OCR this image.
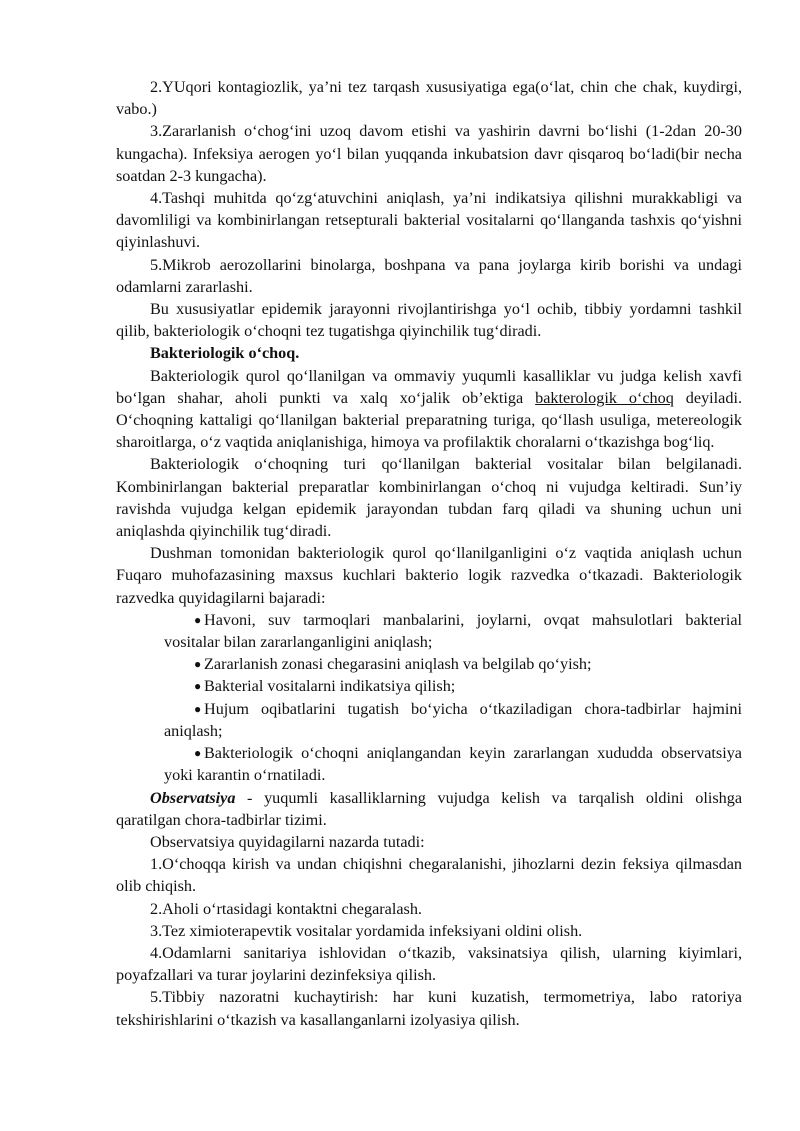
2.YUqori kontagiozlik, ya’ni tez tarqash xususiyatiga ega(o‘lat, chin che chak, kuydirgi, vabo.)

3.Zararlanish o‘chog‘ini uzoq davom etishi va yashirin davrni bo‘lishi (1-2dan 20-30 kungacha). Infeksiya aerogen yo‘l bilan yuqqanda inkubatsion davr qisqaroq bo‘ladi(bir necha soatdan 2-3 kungacha).

4.Tashqi muhitda qo‘zg‘atuvchini aniqlash, ya’ni indikatsiya qilishni murakkabligi va davomliligi va kombinirlangan retsepturali bakterial vositalarni qo‘llanganda tashxis qo‘yishni qiyinlashuvi.

5.Mikrob aerozollarini binolarga, boshpana va pana joylarga kirib borishi va undagi odamlarni zararlashi.

Bu xususiyatlar epidemik jarayonni rivojlantirishga yo‘l ochib, tibbiy yordamni tashkil qilib, bakteriologik o‘choqni tez tugatishga qiyinchilik tug‘diradi.

Bakteriologik o‘choq.

Bakteriologik qurol qo‘llanilgan va ommaviy yuqumli kasalliklar vu judga kelish xavfi bo‘lgan shahar, aholi punkti va xalq xo‘jalik ob’ektiga bakterologik o‘choq deyiladi. O‘choqning kattaligi qo‘llanilgan bakterial preparatning turiga, qo‘llash usuliga, metereologik sharoitlarga, o‘z vaqtida aniqlanishiga, himoya va profilaktik choralarni o‘tkazishga bog‘liq.

Bakteriologik o‘choqning turi qo‘llanilgan bakterial vositalar bilan belgilanadi. Kombinirlangan bakterial preparatlar kombinirlangan o‘choq ni vujudga keltiradi. Sun’iy ravishda vujudga kelgan epidemik jarayondan tubdan farq qiladi va shuning uchun uni aniqlashda qiyinchilik tug‘diradi.

Dushman tomonidan bakteriologik qurol qo‘llanilganligini o‘z vaqtida aniqlash uchun Fuqaro muhofazasining maxsus kuchlari bakterio logik razvedka o‘tkazadi. Bakteriologik razvedka quyidagilarni bajaradi:

● Havoni, suv tarmoqlari manbalarini, joylarni, ovqat mahsulotlari bakterial vositalar bilan zararlanganligini aniqlash;

● Zararlanish zonasi chegarasini aniqlash va belgilab qo‘yish;

● Bakterial vositalarni indikatsiya qilish;

● Hujum oqibatlarini tugatish bo‘yicha o‘tkaziladigan chora-tadbirlar hajmini aniqlash;

● Bakteriologik o‘choqni aniqlangandan keyin zararlangan xududda observatsiya yoki karantin o‘rnatiladi.

Observatsiya - yuqumli kasalliklarning vujudga kelish va tarqalish oldini olishga qaratilgan chora-tadbirlar tizimi.

Observatsiya quyidagilarni nazarda tutadi:

1.O‘choqqa kirish va undan chiqishni chegaralanishi, jihozlarni dezin feksiya qilmasdan olib chiqish.

2.Aholi o‘rtasidagi kontaktni chegaralash.

3.Tez ximioterapevtik vositalar yordamida infeksiyani oldini olish.

4.Odamlarni sanitariya ishlovidan o‘tkazib, vaksinatsiya qilish, ularning kiyimlari, poyafzallari va turar joylarini dezinfeksiya qilish.

5.Tibbiy nazoratni kuchaytirish: har kuni kuzatish, termometriya, labo ratoriya tekshirishlarini o‘tkazish va kasallanganlarni izolyasiya qilish.
